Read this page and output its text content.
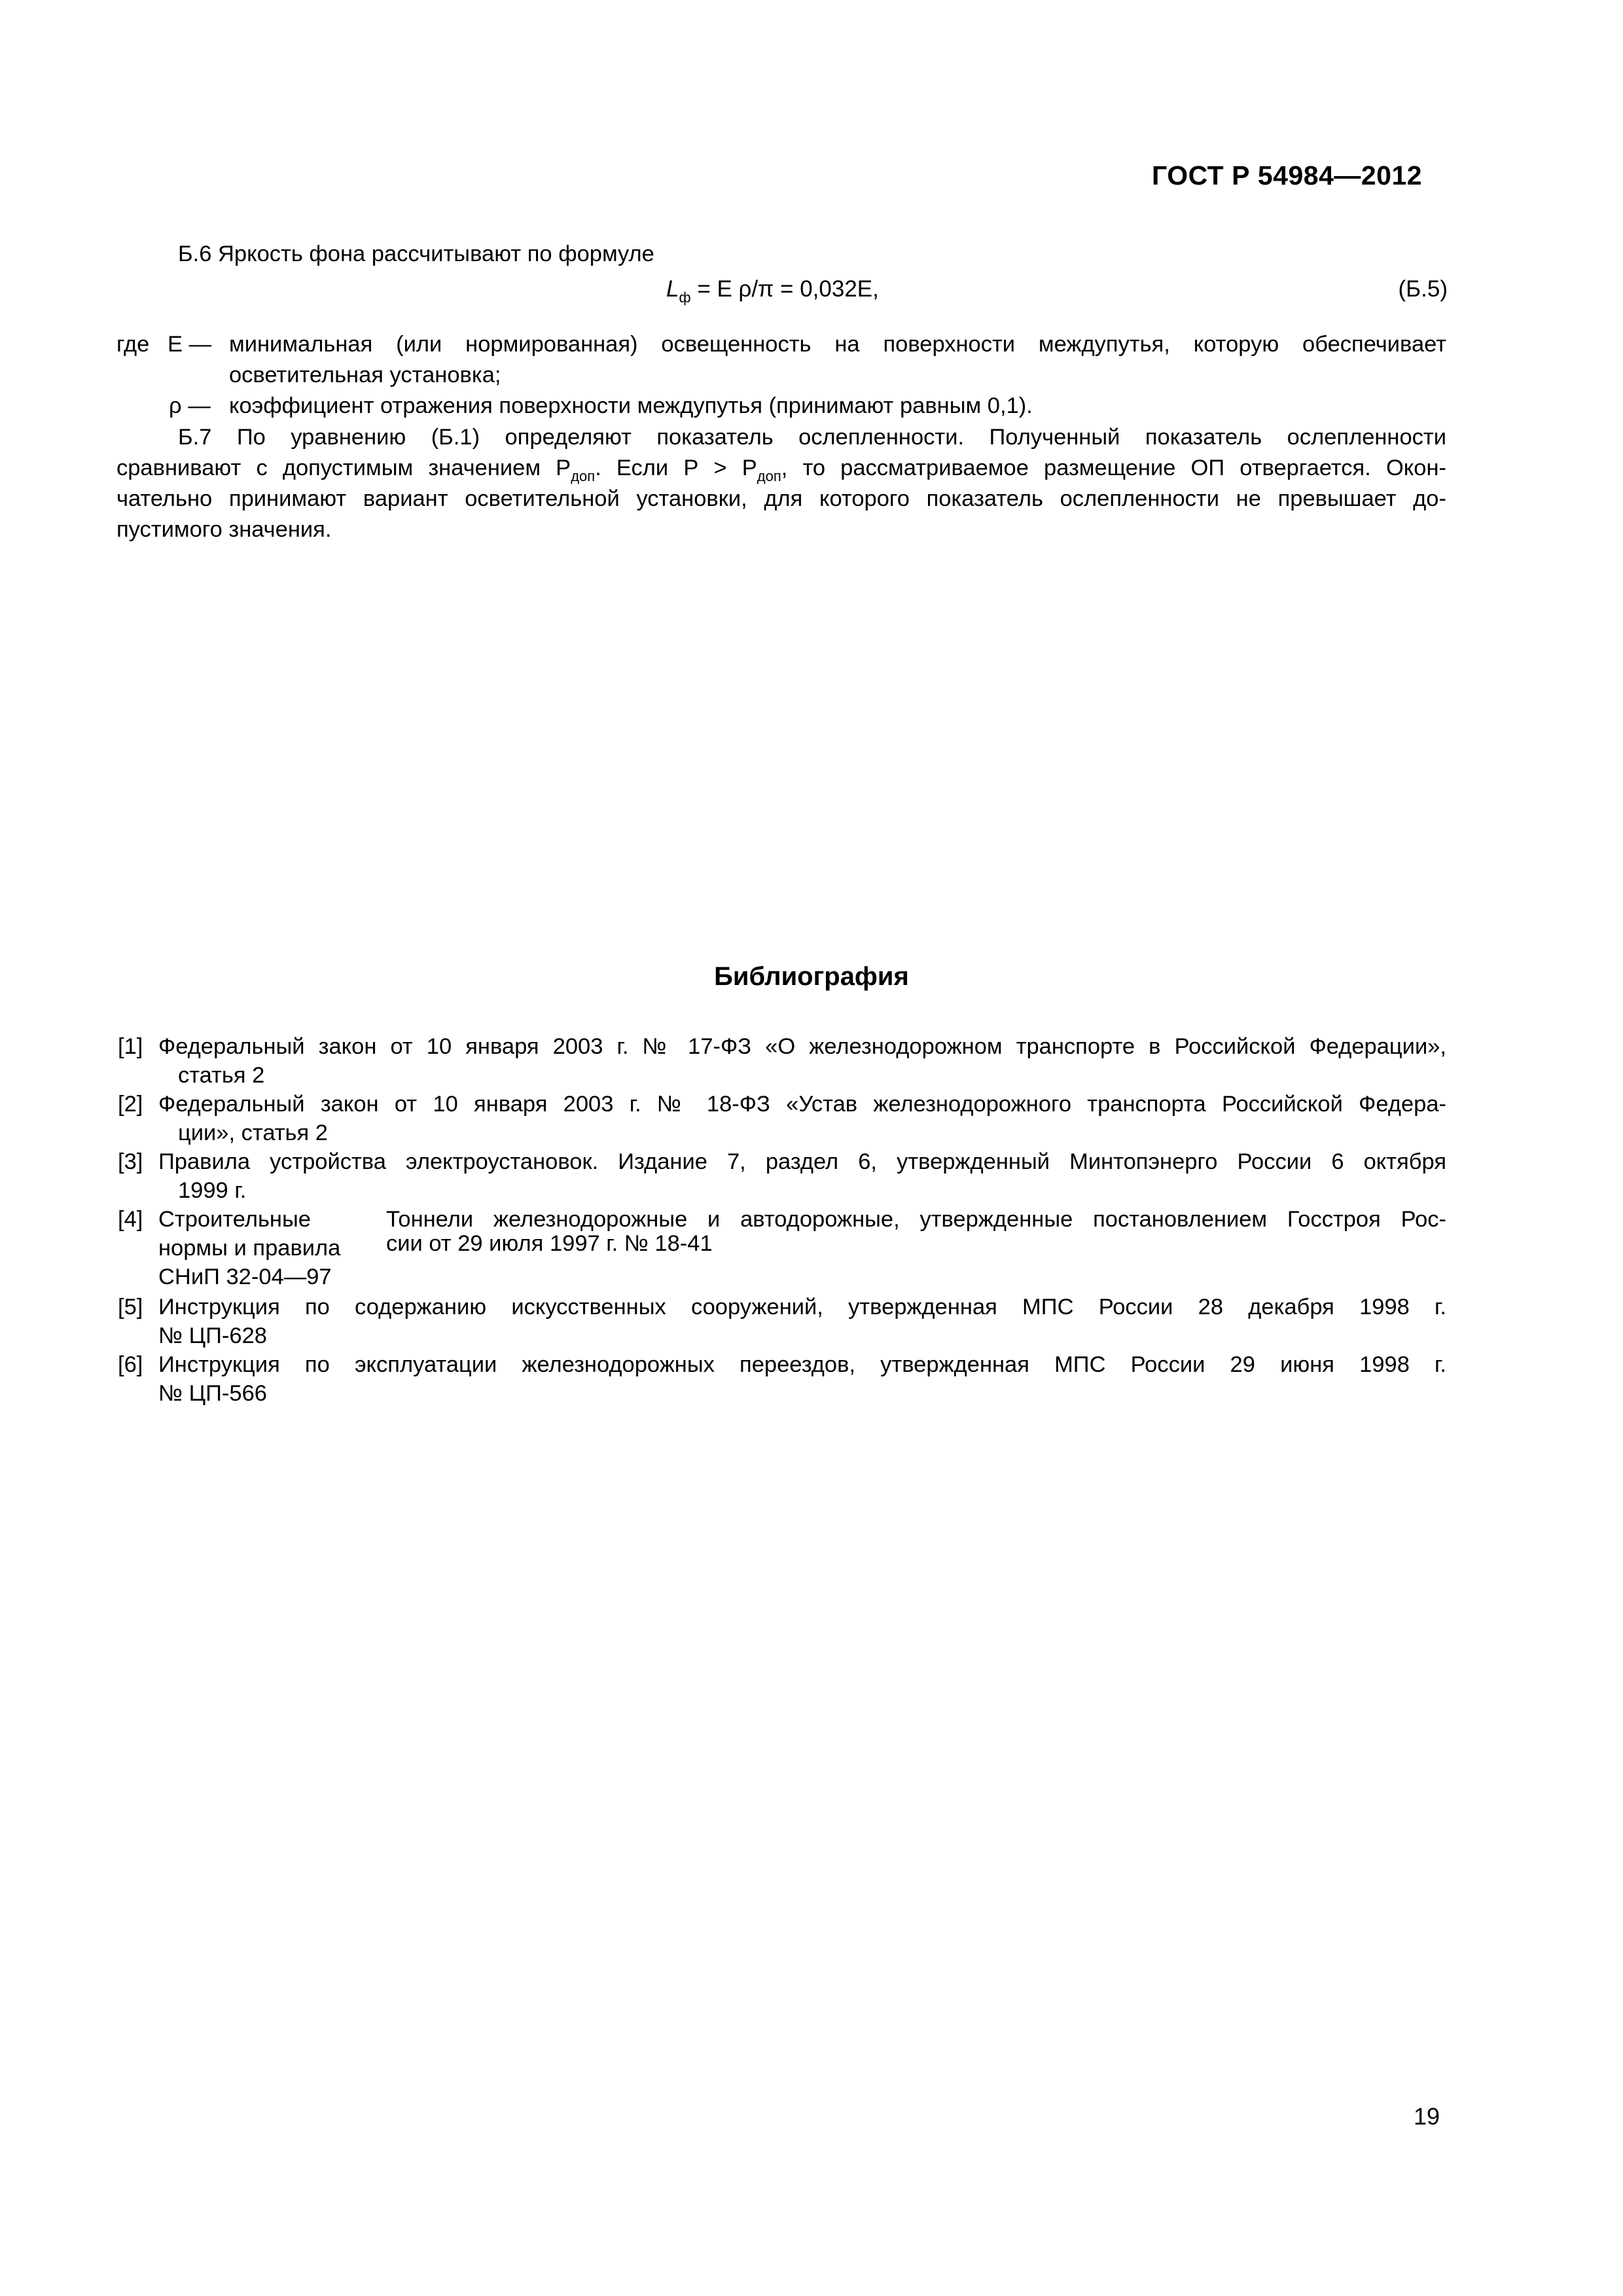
ГОСТ Р 54984—2012
Б.6 Яркость фона рассчитывают по формуле
$L_ф = Е$ ρ/π = 0,032Е,	(Б.5)
где Е — минимальная (или нормированная) освещенность на поверхности междупутья, которую обеспечивает
осветительная установка;
ρ — коэффициент отражения поверхности междупутья (принимают равным 0,1).
Б.7 По уравнению (Б.1) определяют показатель ослепленности. Полученный показатель ослепленности
сравнивают с допустимым значением $Р_{доп}$. Если $Р > Р_{доп}$, то рассматриваемое размещение ОП отвергается. Окон-
чательно принимают вариант осветительной установки, для которого показатель ослепленности не превышает до-
пустимого значения.
Библиография
[1] Федеральный закон от 10 января 2003 г. № 17-ФЗ «О железнодорожном транспорте в Российской Федерации»,
статья 2
[2] Федеральный закон от 10 января 2003 г. № 18-ФЗ «Устав железнодорожного транспорта Российской Федера-
ции», статья 2
[3] Правила устройства электроустановок. Издание 7, раздел 6, утвержденный Минтопэнерго России 6 октября
1999 г.
[4] Строительные
нормы и правила
СНиП 32-04—97
Тоннели железнодорожные и автодорожные, утвержденные постановлением Госстроя Рос-
сии от 29 июля 1997 г. № 18-41
[5] Инструкция по содержанию искусственных сооружений, утвержденная МПС России 28 декабря 1998 г.
№ ЦП-628
[6] Инструкция по эксплуатации железнодорожных переездов, утвержденная МПС России 29 июня 1998 г.
№ ЦП-566
19
